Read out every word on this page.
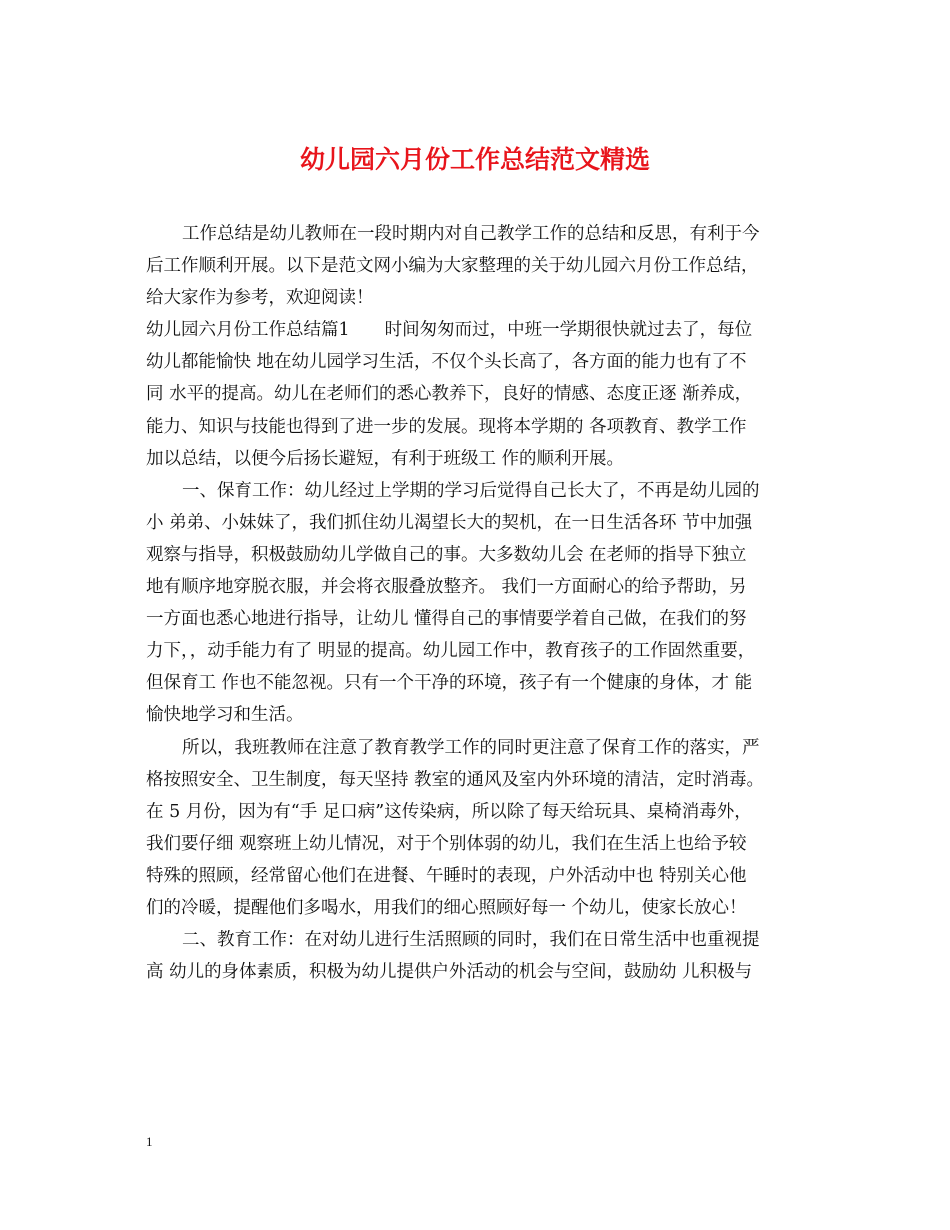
幼儿园六月份工作总结范文精选

工作总结是幼儿教师在一段时期内对自己教学工作的总结和反思，有利于今
后工作顺利开展。以下是范文网小编为大家整理的关于幼儿园六月份工作总结，
给大家作为参考，欢迎阅读！

幼儿园六月份工作总结篇1　　时间匆匆而过，中班一学期很快就过去了，每位
幼儿都能愉快 地在幼儿园学习生活，不仅个头长高了，各方面的能力也有了不
同 水平的提高。幼儿在老师们的悉心教养下，良好的情感、态度正逐 渐养成，
能力、知识与技能也得到了进一步的发展。现将本学期的 各项教育、教学工作
加以总结，以便今后扬长避短，有利于班级工 作的顺利开展。

一、保育工作：幼儿经过上学期的学习后觉得自己长大了，不再是幼儿园的
小 弟弟、小妹妹了，我们抓住幼儿渴望长大的契机，在一日生活各环 节中加强
观察与指导，积极鼓励幼儿学做自己的事。大多数幼儿会 在老师的指导下独立
地有顺序地穿脱衣服，并会将衣服叠放整齐。 我们一方面耐心的给予帮助，另
一方面也悉心地进行指导，让幼儿 懂得自己的事情要学着自己做，在我们的努
力下，，动手能力有了 明显的提高。幼儿园工作中，教育孩子的工作固然重要，
但保育工 作也不能忽视。只有一个干净的环境，孩子有一个健康的身体，才 能
愉快地学习和生活。

所以，我班教师在注意了教育教学工作的同时更注意了保育工作的落实，严
格按照安全、卫生制度，每天坚持 教室的通风及室内外环境的清洁，定时消毒。
在 5 月份，因为有“手 足口病”这传染病，所以除了每天给玩具、桌椅消毒外，
我们要仔细 观察班上幼儿情况，对于个别体弱的幼儿，我们在生活上也给予较
特殊的照顾，经常留心他们在进餐、午睡时的表现，户外活动中也 特别关心他
们的冷暖，提醒他们多喝水，用我们的细心照顾好每一 个幼儿，使家长放心！

二、教育工作：在对幼儿进行生活照顾的同时，我们在日常生活中也重视提
高 幼儿的身体素质，积极为幼儿提供户外活动的机会与空间，鼓励幼 儿积极与

1
